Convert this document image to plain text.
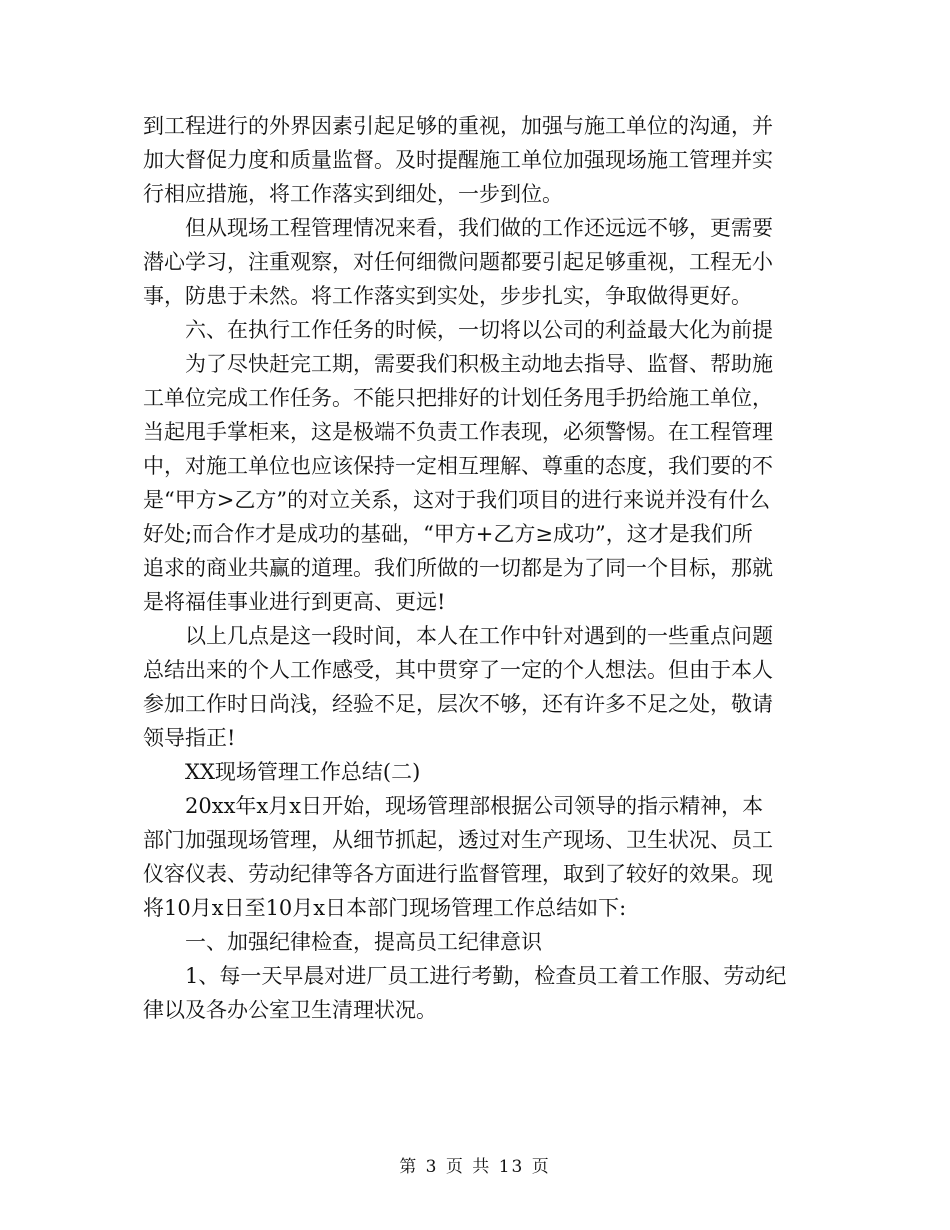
到工程进行的外界因素引起足够的重视，加强与施工单位的沟通，并
加大督促力度和质量监督。及时提醒施工单位加强现场施工管理并实
行相应措施，将工作落实到细处，一步到位。
但从现场工程管理情况来看，我们做的工作还远远不够，更需要
潜心学习，注重观察，对任何细微问题都要引起足够重视，工程无小
事，防患于未然。将工作落实到实处，步步扎实，争取做得更好。
六、在执行工作任务的时候，一切将以公司的利益最大化为前提
为了尽快赶完工期，需要我们积极主动地去指导、监督、帮助施
工单位完成工作任务。不能只把排好的计划任务甩手扔给施工单位，
当起甩手掌柜来，这是极端不负责工作表现，必须警惕。在工程管理
中，对施工单位也应该保持一定相互理解、尊重的态度，我们要的不
是“甲方>乙方”的对立关系，这对于我们项目的进行来说并没有什么
好处;而合作才是成功的基础，“甲方+乙方≥成功”，这才是我们所
追求的商业共赢的道理。我们所做的一切都是为了同一个目标，那就
是将福佳事业进行到更高、更远!
以上几点是这一段时间，本人在工作中针对遇到的一些重点问题
总结出来的个人工作感受，其中贯穿了一定的个人想法。但由于本人
参加工作时日尚浅，经验不足，层次不够，还有许多不足之处，敬请
领导指正!
XX现场管理工作总结(二)
20xx年x月x日开始，现场管理部根据公司领导的指示精神，本
部门加强现场管理，从细节抓起，透过对生产现场、卫生状况、员工
仪容仪表、劳动纪律等各方面进行监督管理，取到了较好的效果。现
将10月x日至10月x日本部门现场管理工作总结如下:
一、加强纪律检查，提高员工纪律意识
1、每一天早晨对进厂员工进行考勤，检查员工着工作服、劳动纪
律以及各办公室卫生清理状况。
第 3 页 共 13 页
